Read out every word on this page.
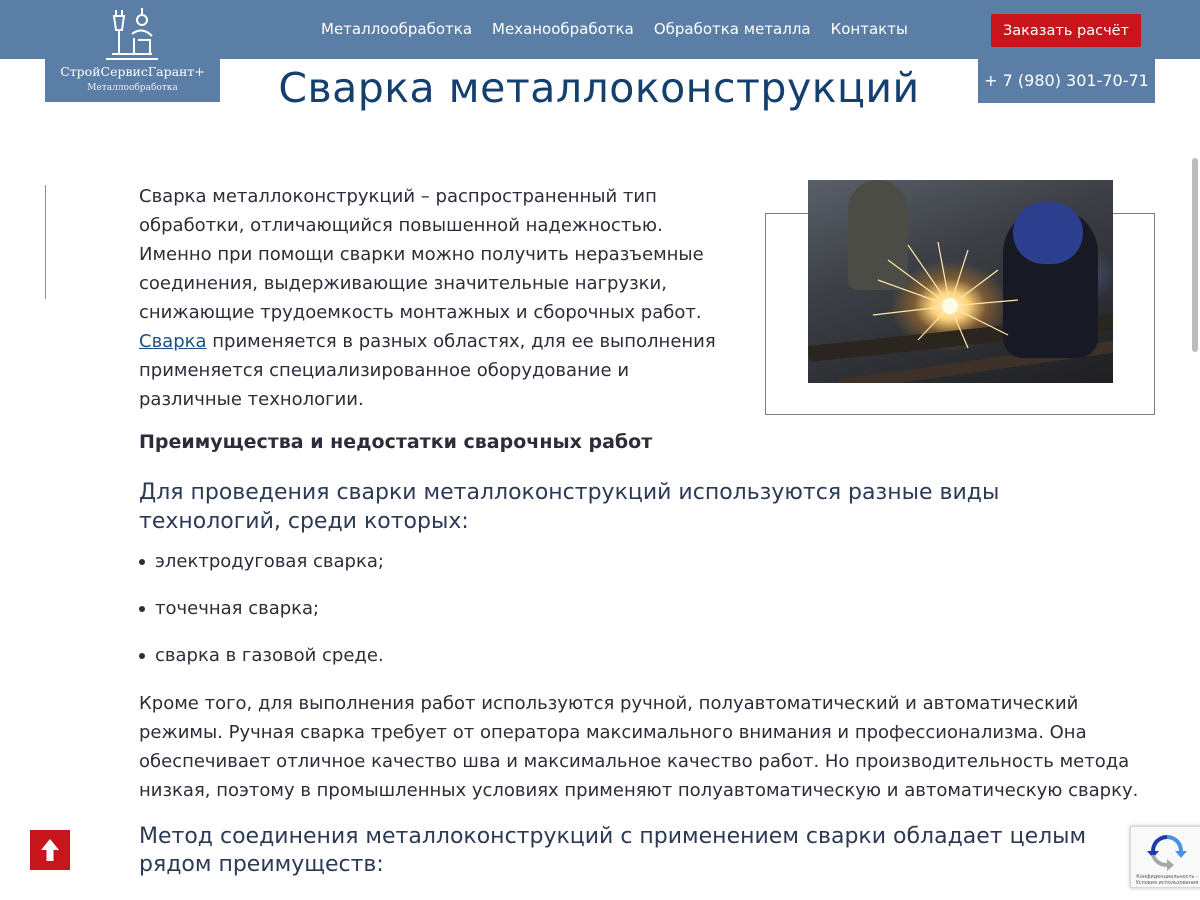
СтройСервисГарант+
Металлообработка
Металлообработка Механообработка Обработка металла Контакты	Заказать расчёт
+ 7 (980) 301-70-71
Сварка металлоконструкций

Сварка металлоконструкций – распространенный тип обработки, отличающийся повышенной надежностью. Именно при помощи сварки можно получить неразъемные соединения, выдерживающие значительные нагрузки, снижающие трудоемкость монтажных и сборочных работ. Сварка применяется в разных областях, для ее выполнения применяется специализированное оборудование и различные технологии.

Преимущества и недостатки сварочных работ

Для проведения сварки металлоконструкций используются разные виды технологий, среди которых:

электродуговая сварка;
точечная сварка;
сварка в газовой среде.

Кроме того, для выполнения работ используются ручной, полуавтоматический и автоматический режимы. Ручная сварка требует от оператора максимального внимания и профессионализма. Она обеспечивает отличное качество шва и максимальное качество работ. Но производительность метода низкая, поэтому в промышленных условиях применяют полуавтоматическую и автоматическую сварку.

Метод соединения металлоконструкций с применением сварки обладает целым рядом преимуществ:	Конфиденциальность - Условия использования
